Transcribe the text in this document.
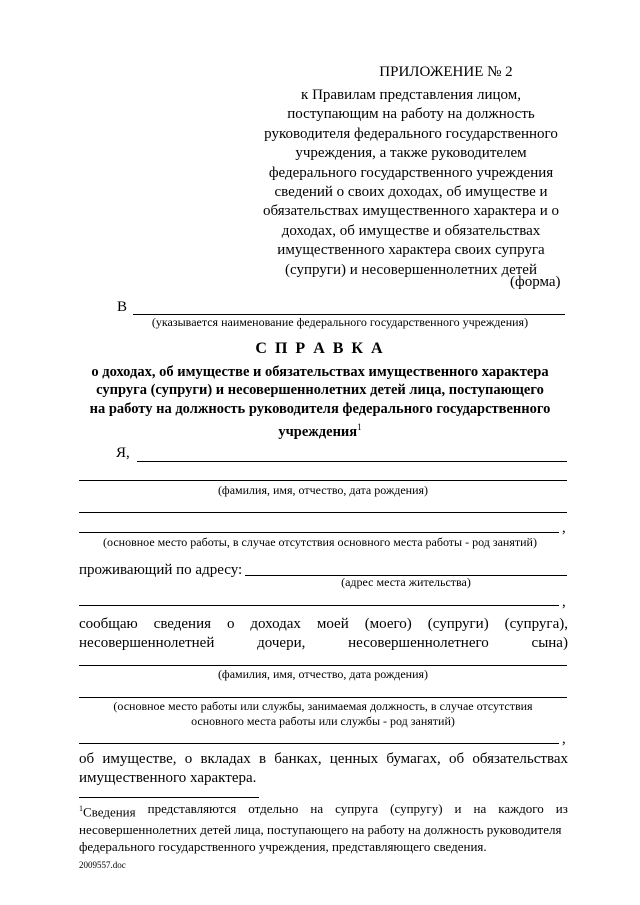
ПРИЛОЖЕНИЕ № 2
к Правилам представления лицом,
поступающим на работу на должность
руководителя федерального государственного
учреждения, а также руководителем
федерального государственного учреждения
сведений о своих доходах, об имуществе и
обязательствах имущественного характера и о
доходах, об имуществе и обязательствах
имущественного характера своих супруга
(супруги) и несовершеннолетних детей
(форма)
В
(указывается наименование федерального государственного учреждения)
С П Р А В К А
о доходах, об имуществе и обязательствах имущественного характера
супруга (супруги) и несовершеннолетних детей лица, поступающего
на работу на должность руководителя федерального государственного
учреждения$^1$
Я,
(фамилия, имя, отчество, дата рождения)
,
(основное место работы, в случае отсутствия основного места работы - род занятий)
проживающий по адресу:
(адрес места жительства)
,
сообщаю сведения о доходах моей (моего) (супруги) (супруга),
несовершеннолетней	дочери,	несовершеннолетнего	сына)
(фамилия, имя, отчество, дата рождения)
(основное место работы или службы, занимаемая должность, в случае отсутствия
основного места работы или службы - род занятий)
,
об имуществе, о вкладах в банках, ценных бумагах, об обязательствах
имущественного характера.
$^1$Сведения представляются отдельно на супруга (супругу) и на каждого из
несовершеннолетних детей лица, поступающего на работу на должность руководителя
федерального государственного учреждения, представляющего сведения.
2009557.doc
